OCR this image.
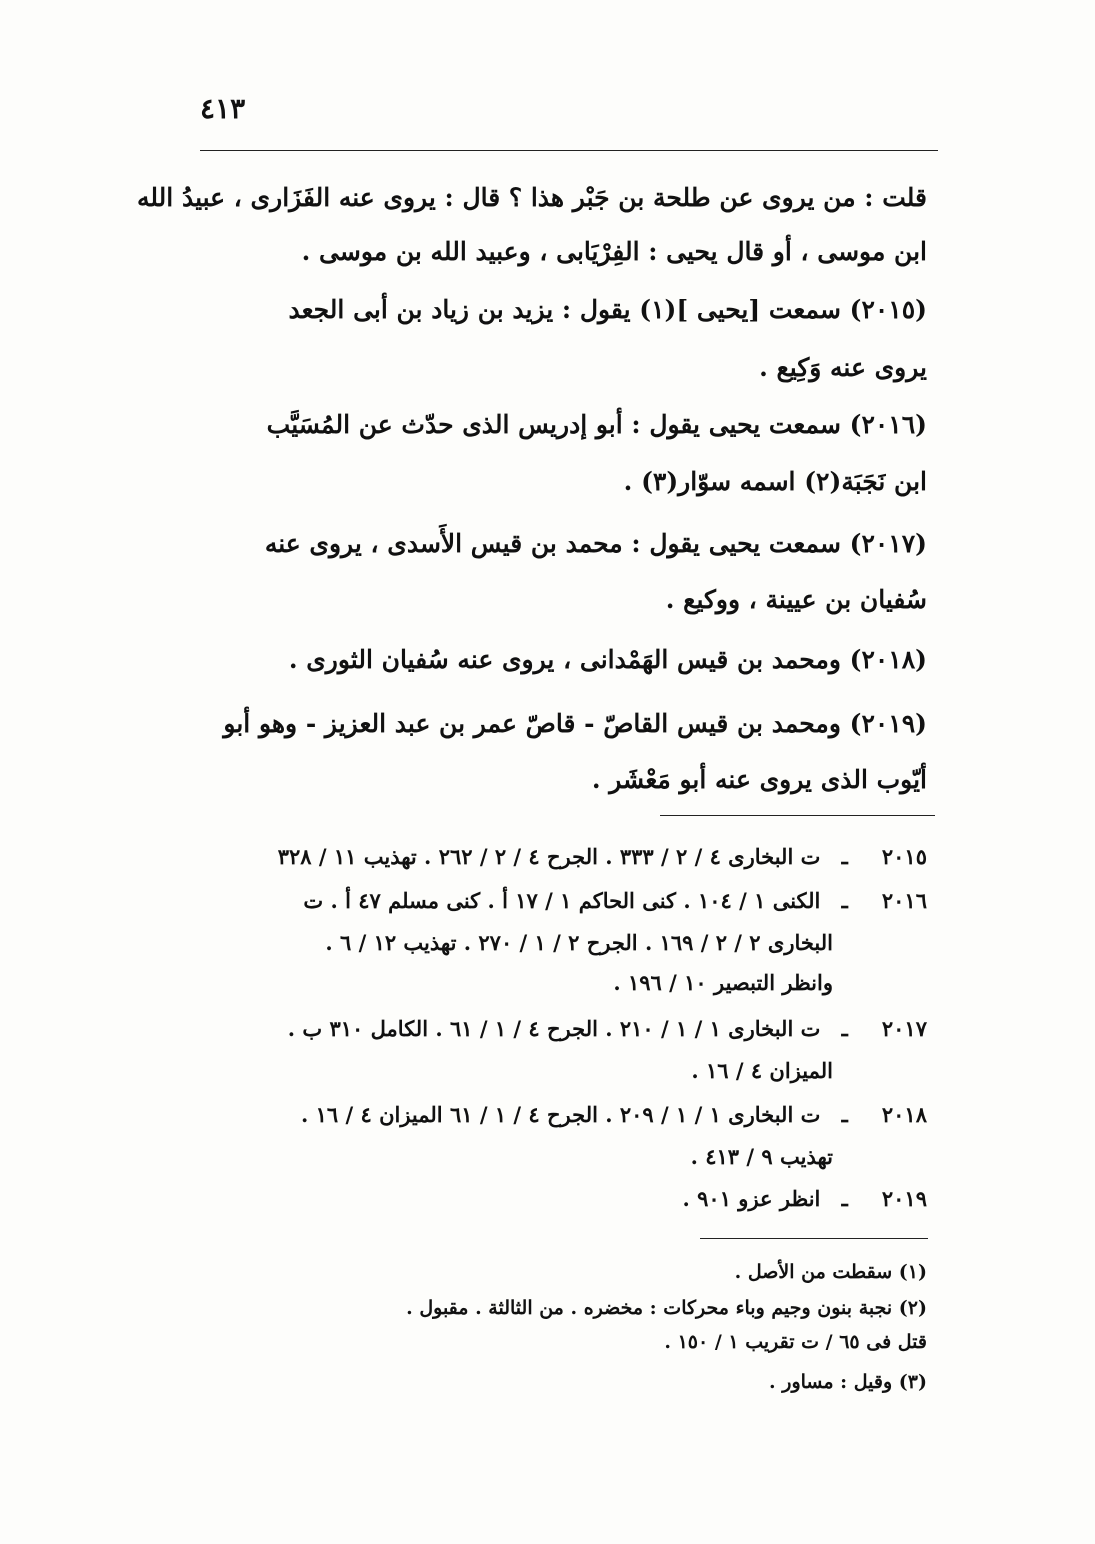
٤١٣
قلت : من يروى عن طلحة بن جَبْر هذا ؟ قال : يروى عنه الفَزَارى ، عبيدُ الله
ابن موسى ، أو قال يحيى : الفِرْيَابى ، وعبيد الله بن موسى .
(٢٠١٥) سمعت [يحيى ](١) يقول : يزيد بن زياد بن أبى الجعد
يروى عنه وَكِيع .
(٢٠١٦) سمعت يحيى يقول : أبو إدريس الذى حدّث عن المُسَيَّب
ابن نَجَبَة(٢) اسمه سوّار(٣) .
(٢٠١٧) سمعت يحيى يقول : محمد بن قيس الأَسدى ، يروى عنه
سُفيان بن عيينة ، ووكيع .
(٢٠١٨) ومحمد بن قيس الهَمْدانى ، يروى عنه سُفيان الثورى .
(٢٠١٩) ومحمد بن قيس القاصّ - قاصّ عمر بن عبد العزيز - وهو أبو
أيّوب الذى يروى عنه أبو مَعْشَر .
٢٠١٥ ـ ت البخارى ٤ / ٢ / ٣٣٣ . الجرح ٤ / ٢ / ٢٦٢ . تهذيب ١١ / ٣٢٨
٢٠١٦ ـ الكنى ١ / ١٠٤ . كنى الحاكم ١ / ١٧ أ . كنى مسلم ٤٧ أ . ت
البخارى ٢ / ٢ / ١٦٩ . الجرح ٢ / ١ / ٢٧٠ . تهذيب ١٢ / ٦ .
وانظر التبصير ١٠ / ١٩٦ .
٢٠١٧ ـ ت البخارى ١ / ١ / ٢١٠ . الجرح ٤ / ١ / ٦١ . الكامل ٣١٠ ب .
الميزان ٤ / ١٦ .
٢٠١٨ ـ ت البخارى ١ / ١ / ٢٠٩ . الجرح ٤ / ١ / ٦١ الميزان ٤ / ١٦ .
تهذيب ٩ / ٤١٣ .
٢٠١٩ ـ انظر عزو ٩٠١ .
(١) سقطت من الأصل .
(٢) نجبة بنون وجيم وباء محركات : مخضره . من الثالثة . مقبول .
قتل فى ٦٥ / ت تقريب ١ / ١٥٠ .
(٣) وقيل : مساور .
